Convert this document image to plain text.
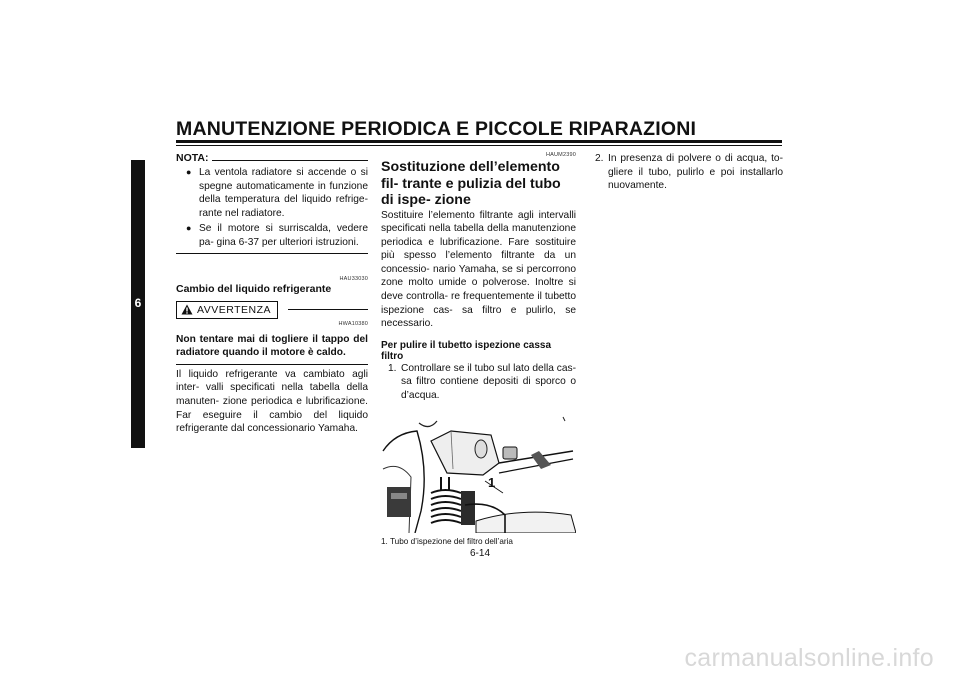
MANUTENZIONE PERIODICA E PICCOLE RIPARAZIONI
6
NOTA:
● La ventola radiatore si accende o si spegne automaticamente in funzione della temperatura del liquido refrige- rante nel radiatore.
● Se il motore si surriscalda, vedere pa- gina 6-37 per ulteriori istruzioni.
HAU33030
Cambio del liquido refrigerante
AVVERTENZA
HWA10380
Non tentare mai di togliere il tappo del radiatore quando il motore è caldo.
Il liquido refrigerante va cambiato agli inter- valli specificati nella tabella della manuten- zione periodica e lubrificazione. Far eseguire il cambio del liquido refrigerante dal concessionario Yamaha.
HAUM2390
Sostituzione dell’elemento fil- trante e pulizia del tubo di ispe- zione
Sostituire l’elemento filtrante agli intervalli specificati nella tabella della manutenzione periodica e lubrificazione. Fare sostituire più spesso l’elemento filtrante da un concessio- nario Yamaha, se si percorrono zone molto umide o polverose. Inoltre si deve controlla- re frequentemente il tubetto ispezione cas- sa filtro e pulirlo, se necessario.
Per pulire il tubetto ispezione cassa filtro
1. Controllare se il tubo sul lato della cas- sa filtro contiene depositi di sporco o d’acqua.
1
1. Tubo d’ispezione del filtro dell’aria
2. In presenza di polvere o di acqua, to- gliere il tubo, pulirlo e poi installarlo nuovamente.
6-14
carmanualsonline.info
